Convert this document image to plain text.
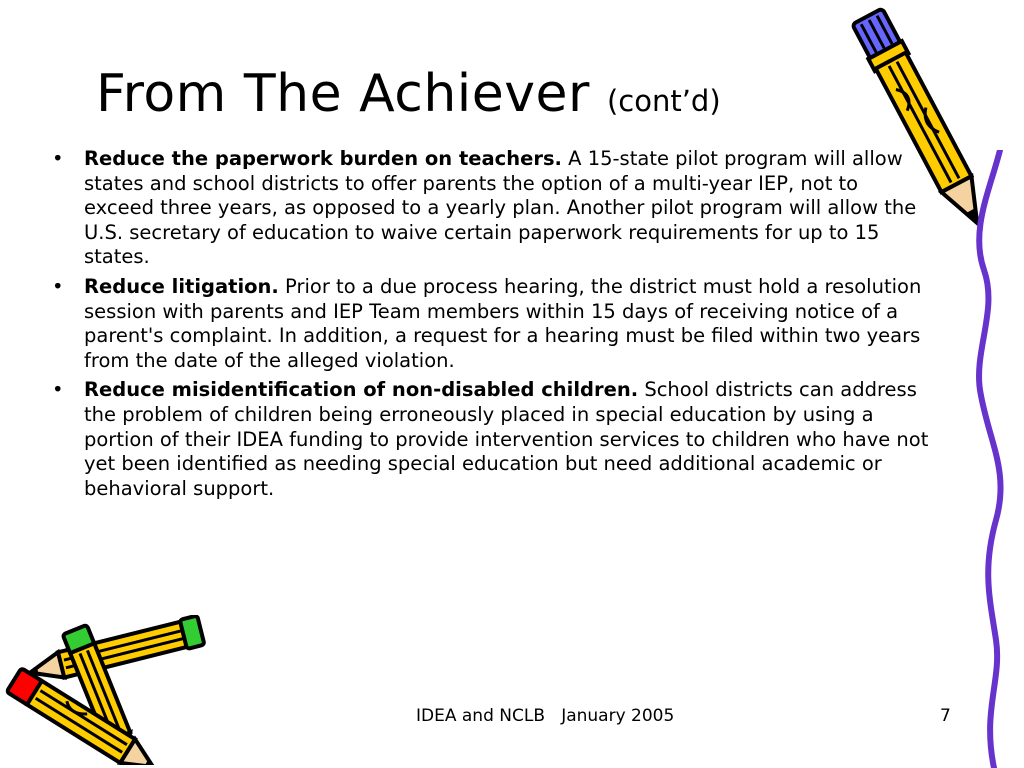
From The Achiever (cont’d)
• Reduce the paperwork burden on teachers. A 15-state pilot program will allow states and school districts to offer parents the option of a multi-year IEP, not to exceed three years, as opposed to a yearly plan. Another pilot program will allow the U.S. secretary of education to waive certain paperwork requirements for up to 15 states.
• Reduce litigation. Prior to a due process hearing, the district must hold a resolution session with parents and IEP Team members within 15 days of receiving notice of a parent's complaint. In addition, a request for a hearing must be filed within two years from the date of the alleged violation.
• Reduce misidentification of non-disabled children. School districts can address the problem of children being erroneously placed in special education by using a portion of their IDEA funding to provide intervention services to children who have not yet been identified as needing special education but need additional academic or behavioral support.
IDEA and NCLB   January 2005	7
